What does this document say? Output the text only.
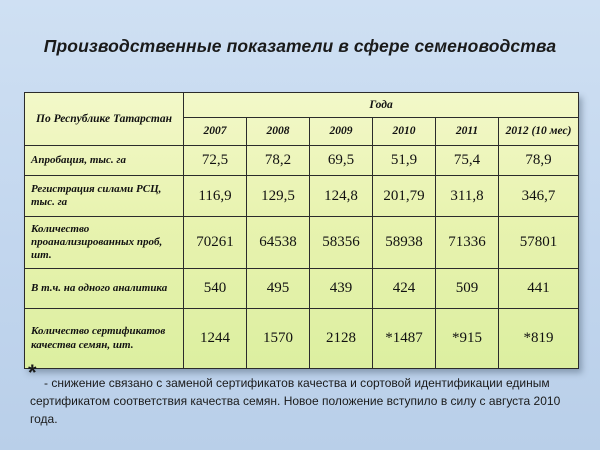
Производственные показатели в сфере семеноводства
По Республике Татарстан	Года					
	2007	2008	2009	2010	2011	2012 (10 мес)
Апробация, тыс. га	72,5	78,2	69,5	51,9	75,4	78,9
Регистрация силами РСЦ, тыс. га	116,9	129,5	124,8	201,79	311,8	346,7
Количество проанализированных проб, шт.	70261	64538	58356	58938	71336	57801
В т.ч. на одного аналитика	540	495	439	424	509	441
Количество сертификатов качества семян, шт.	1244	1570	2128	*1487	*915	*819
* - снижение связано с заменой сертификатов качества и сортовой идентификации единым сертификатом соответствия качества семян. Новое положение вступило в силу с августа 2010 года.
